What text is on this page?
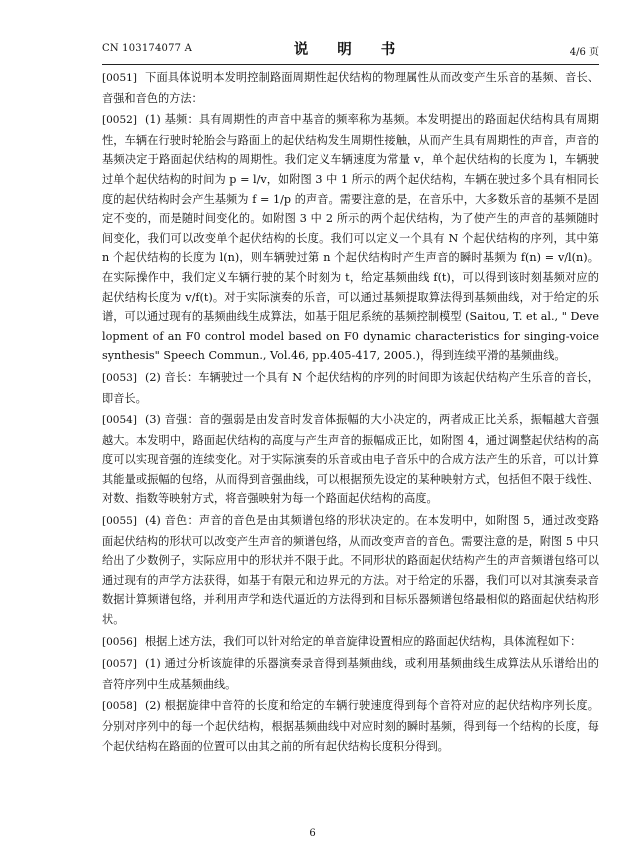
CN 103174077 A	说 明 书	4/6 页

[ 0051 ] 下面具体说明本发明控制路面周期性起伏结构的物理属性从而改变产生乐音的基频、音长、音强和音色的方法：

[ 0052 ] (1) 基频：具有周期性的声音中基音的频率称为基频。本发明提出的路面起伏结构具有周期性，车辆在行驶时轮胎会与路面上的起伏结构发生周期性接触，从而产生具有周期性的声音，声音的基频决定于路面起伏结构的周期性。我们定义车辆速度为常量 v，单个起伏结构的长度为 l，车辆驶过单个起伏结构的时间为 p = l/v，如附图 3 中 1 所示的两个起伏结构，车辆在驶过多个具有相同长度的起伏结构时会产生基频为 f = 1/p 的声音。需要注意的是，在音乐中，大多数乐音的基频不是固定不变的，而是随时间变化的。如附图 3 中 2 所示的两个起伏结构，为了使产生的声音的基频随时间变化，我们可以改变单个起伏结构的长度。我们可以定义一个具有 N 个起伏结构的序列，其中第 n 个起伏结构的长度为 l(n)，则车辆驶过第 n 个起伏结构时产生声音的瞬时基频为 f(n) = v/l(n)。在实际操作中，我们定义车辆行驶的某个时刻为 t，给定基频曲线 f(t)，可以得到该时刻基频对应的起伏结构长度为 v/f(t)。对于实际演奏的乐音，可以通过基频提取算法得到基频曲线，对于给定的乐谱，可以通过现有的基频曲线生成算法，如基于阻尼系统的基频控制模型 (Saitou, T. et al., " Development of an F0 control model based on F0 dynamic characteristics for singing-voice synthesis" Speech Commun., Vol.46, pp.405-417, 2005.)，得到连续平滑的基频曲线。

[ 0053 ] (2) 音长：车辆驶过一个具有 N 个起伏结构的序列的时间即为该起伏结构产生乐音的音长，即音长。

[ 0054 ] (3) 音强：音的强弱是由发音时发音体振幅的大小决定的，两者成正比关系，振幅越大音强越大。本发明中，路面起伏结构的高度与产生声音的振幅成正比，如附图 4，通过调整起伏结构的高度可以实现音强的连续变化。对于实际演奏的乐音或由电子音乐中的合成方法产生的乐音，可以计算其能量或振幅的包络，从而得到音强曲线，可以根据预先设定的某种映射方式，包括但不限于线性、对数、指数等映射方式，将音强映射为每一个路面起伏结构的高度。

[ 0055 ] (4) 音色：声音的音色是由其频谱包络的形状决定的。在本发明中，如附图 5，通过改变路面起伏结构的形状可以改变产生声音的频谱包络，从而改变声音的音色。需要注意的是，附图 5 中只给出了少数例子，实际应用中的形状并不限于此。不同形状的路面起伏结构产生的声音频谱包络可以通过现有的声学方法获得，如基于有限元和边界元的方法。对于给定的乐器，我们可以对其演奏录音数据计算频谱包络，并利用声学和迭代逼近的方法得到和目标乐器频谱包络最相似的路面起伏结构形状。

[ 0056 ] 根据上述方法，我们可以针对给定的单音旋律设置相应的路面起伏结构，具体流程如下：

[ 0057 ] (1) 通过分析该旋律的乐器演奏录音得到基频曲线，或利用基频曲线生成算法从乐谱给出的音符序列中生成基频曲线。

[ 0058 ] (2) 根据旋律中音符的长度和给定的车辆行驶速度得到每个音符对应的起伏结构序列长度。分别对序列中的每一个起伏结构，根据基频曲线中对应时刻的瞬时基频，得到每一个结构的长度，每个起伏结构在路面的位置可以由其之前的所有起伏结构长度积分得到。

6
